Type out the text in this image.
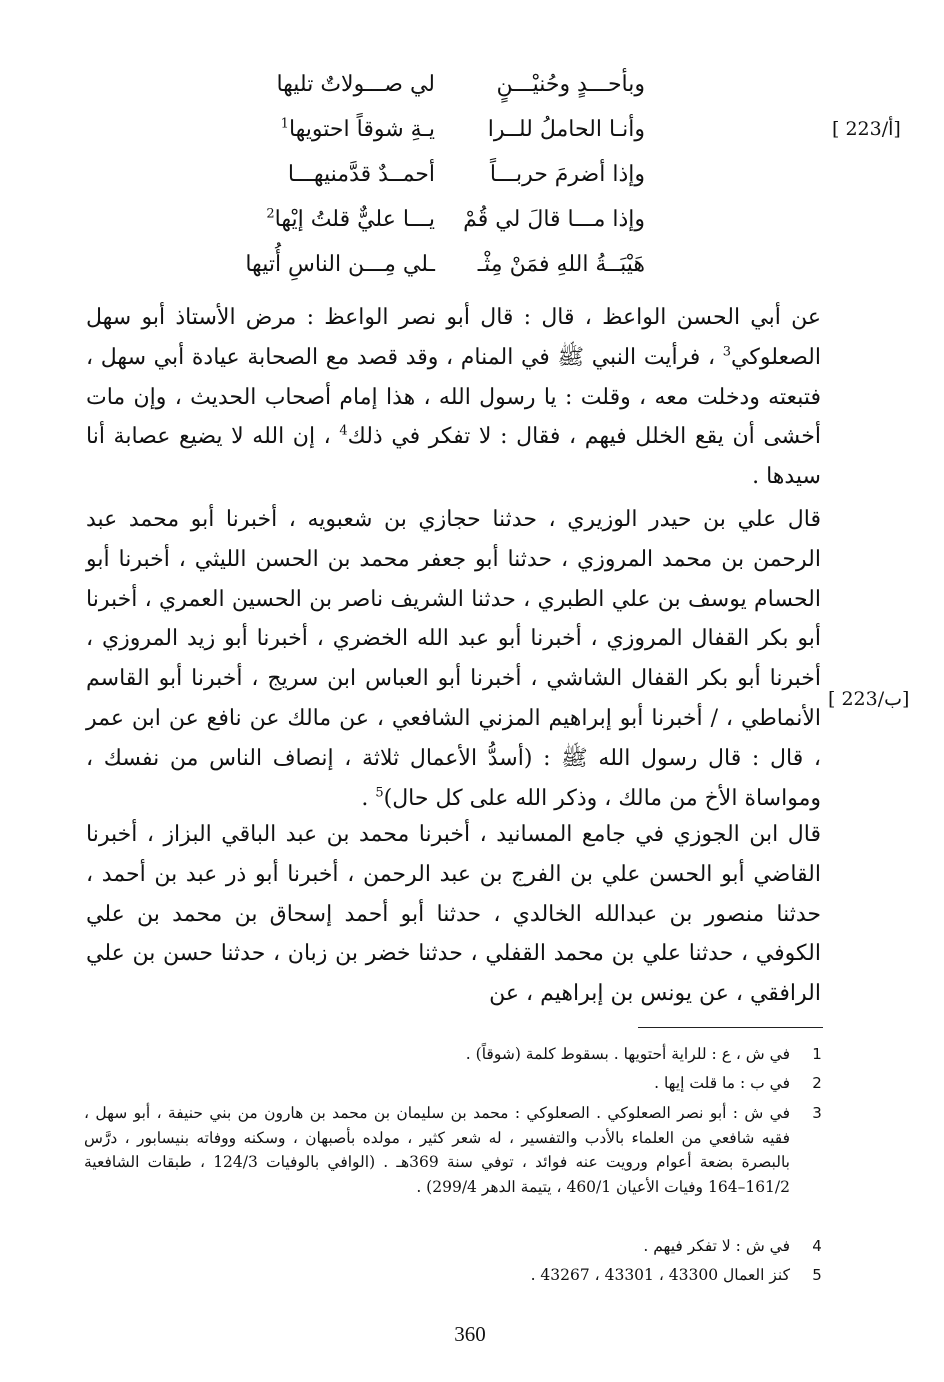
[ 223/أ]
[ 223/ب]
وبأحـــدٍ وحُنيْـــنٍ
لي صـــولاتٌ تليها
وأنـا الحاملُ للــرا
يـةِ شوقاً احتويها$^1$
وإذا أضرمَ حربـــاً
أحمــدٌ قدَّمنيهـــا
وإذا مـــا قالَ لي قُمْ
يـــا عليٌّ قلتُ إيْها$^2$
هَيْبَــةُ اللهِ فمَنْ مِثْـ
ـلي مِـــن الناسِ أُتيها

عن أبي الحسن الواعظ ، قال : قال أبو نصر الواعظ : مرض الأستاذ أبو سهل الصعلوكي$^3$ ، فرأيت النبي ﷺ في المنام ، وقد قصد مع الصحابة عيادة أبي سهل ، فتبعته ودخلت معه ، وقلت : يا رسول الله ، هذا إمام أصحاب الحديث ، وإن مات أخشى أن يقع الخلل فيهم ، فقال : لا تفكر في ذلك$^4$ ، إن الله لا يضيع عصابة أنا سيدها .

قال علي بن حيدر الوزيري ، حدثنا حجازي بن شعبويه ، أخبرنا أبو محمد عبد الرحمن بن محمد المروزي ، حدثنا أبو جعفر محمد بن الحسن الليثي ، أخبرنا أبو الحسام يوسف بن علي الطبري ، حدثنا الشريف ناصر بن الحسين العمري ، أخبرنا أبو بكر القفال المروزي ، أخبرنا أبو عبد الله الخضري ، أخبرنا أبو زيد المروزي ، أخبرنا أبو بكر القفال الشاشي ، أخبرنا أبو العباس ابن سريج ، أخبرنا أبو القاسم الأنماطي ، / أخبرنا أبو إبراهيم المزني الشافعي ، عن مالك عن نافع عن ابن عمر ، قال : قال رسول الله ﷺ : (أسدُّ الأعمال ثلاثة ، إنصاف الناس من نفسك ، ومواساة الأخ من مالك ، وذكر الله على كل حال)$^5$ .

قال ابن الجوزي في جامع المسانيد ، أخبرنا محمد بن عبد الباقي البزاز ، أخبرنا القاضي أبو الحسن علي بن الفرج بن عبد الرحمن ، أخبرنا أبو ذر عبد بن أحمد ، حدثنا منصور بن عبدالله الخالدي ، حدثنا أبو أحمد إسحاق بن محمد بن علي الكوفي ، حدثنا علي بن محمد القفلي ، حدثنا خضر بن زبان ، حدثنا حسن بن علي الرافقي ، عن يونس بن إبراهيم ، عن

1
في ش ، ع : للراية أحتويها . بسقوط كلمة (شوقاً) .
2
في ب : ما قلت إيها .
3
في ش : أبو نصر الصعلوكي . الصعلوكي : محمد بن سليمان بن محمد بن هارون من بني حنيفة ، أبو سهل ، فقيه شافعي من العلماء بالأدب والتفسير ، له شعر كثير ، مولده بأصبهان ، وسكنه ووفاته بنيسابور ، درَّس بالبصرة بضعة أعوام ورويت عنه فوائد ، توفي سنة 369هـ . (الوافي بالوفيات 124/3 ، طبقات الشافعية 161/2–164 وفيات الأعيان 460/1 ، يتيمة الدهر 299/4) .
4
في ش : لا تفكر فيهم .
5
كنز العمال 43300 ، 43301 ، 43267 .
360
